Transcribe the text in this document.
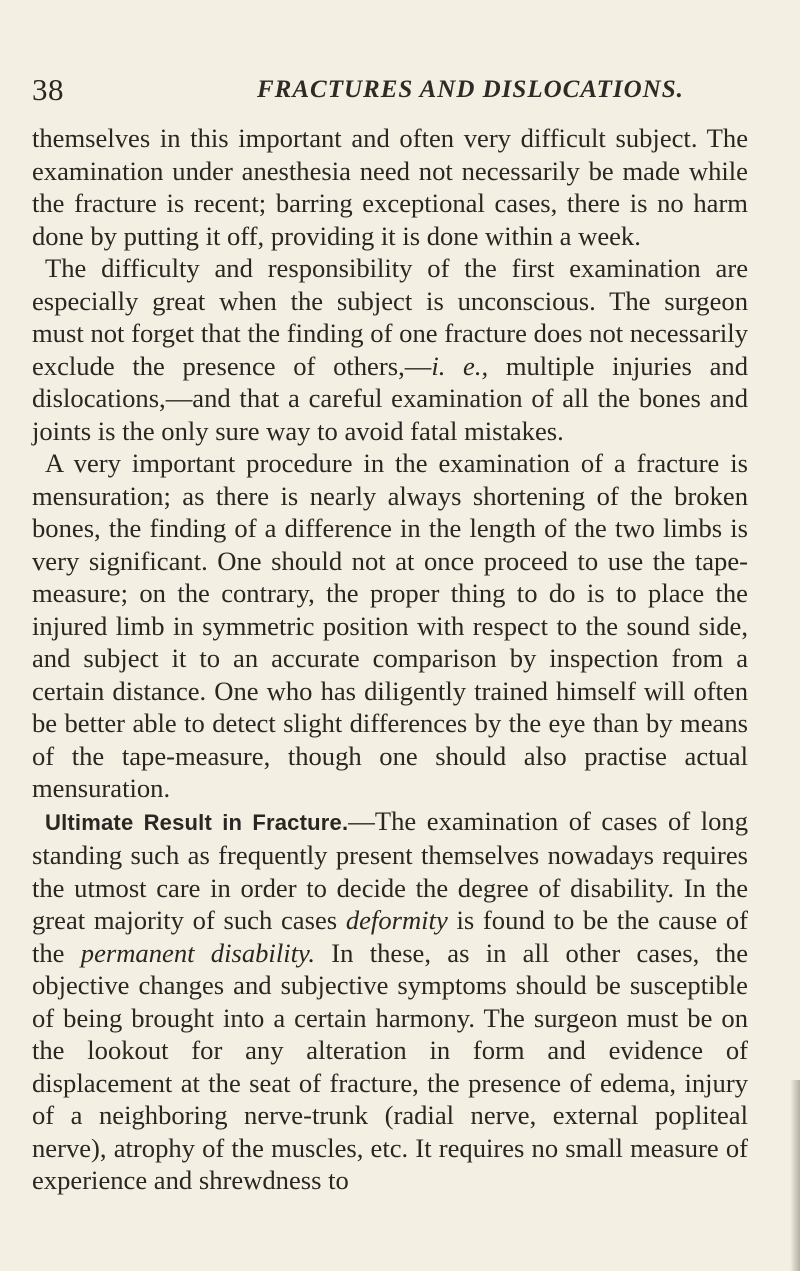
38	FRACTURES AND DISLOCATIONS.

themselves in this important and often very difficult subject. The examination under anesthesia need not necessarily be made while the fracture is recent; barring exceptional cases, there is no harm done by putting it off, providing it is done within a week.

The difficulty and responsibility of the first examination are especially great when the subject is unconscious. The surgeon must not forget that the finding of one fracture does not necessarily exclude the presence of others,—i. e., multiple injuries and dislocations,—and that a careful examination of all the bones and joints is the only sure way to avoid fatal mistakes.

A very important procedure in the examination of a fracture is mensuration; as there is nearly always shortening of the broken bones, the finding of a difference in the length of the two limbs is very significant. One should not at once proceed to use the tape-measure; on the contrary, the proper thing to do is to place the injured limb in symmetric position with respect to the sound side, and subject it to an accurate comparison by inspection from a certain distance. One who has diligently trained himself will often be better able to detect slight differences by the eye than by means of the tape-measure, though one should also practise actual mensuration.

Ultimate Result in Fracture.—The examination of cases of long standing such as frequently present themselves nowadays requires the utmost care in order to decide the degree of disability. In the great majority of such cases deformity is found to be the cause of the permanent disability. In these, as in all other cases, the objective changes and subjective symptoms should be susceptible of being brought into a certain harmony. The surgeon must be on the lookout for any alteration in form and evidence of displacement at the seat of fracture, the presence of edema, injury of a neighboring nerve-trunk (radial nerve, external popliteal nerve), atrophy of the muscles, etc. It requires no small measure of experience and shrewdness to
